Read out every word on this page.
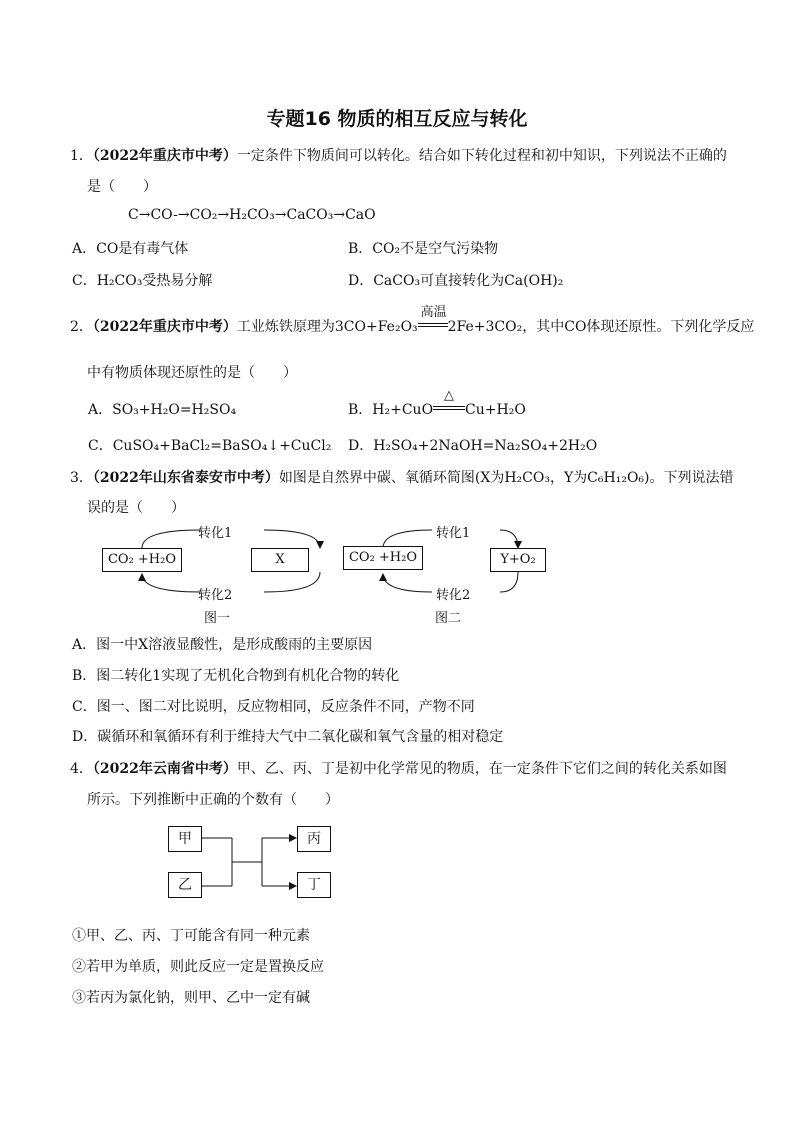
专题16 物质的相互反应与转化
1．（2022年重庆市中考）一定条件下物质间可以转化。结合如下转化过程和初中知识，下列说法不正确的
是（　　）
C→CO-→CO₂→H₂CO₃→CaCO₃→CaO
A．CO是有毒气体	B．CO₂不是空气污染物
C．H₂CO₃受热易分解	D．CaCO₃可直接转化为Ca(OH)₂
2．（2022年重庆市中考）工业炼铁原理为3CO+Fe₂O₃
高温
2Fe+3CO₂，其中CO体现还原性。下列化学反应
中有物质体现还原性的是（　　）
A．SO₃+H₂O=H₂SO₄	B．H₂+CuO
△
Cu+H₂O
C．CuSO₄+BaCl₂=BaSO₄↓+CuCl₂ D．H₂SO₄+2NaOH=Na₂SO₄+2H₂O
3．（2022年山东省泰安市中考）如图是自然界中碳、氧循环简图(X为H₂CO₃，Y为C₆H₁₂O₆)。下列说法错
误的是（　　）
CO₂ +H₂O	X
转化1
转化2
图一
CO₂ +H₂O	Y+O₂
转化1
转化2
图二
A．图一中X溶液显酸性，是形成酸雨的主要原因
B．图二转化1实现了无机化合物到有机化合物的转化
C．图一、图二对比说明，反应物相同，反应条件不同，产物不同
D．碳循环和氧循环有利于维持大气中二氧化碳和氧气含量的相对稳定
4．（2022年云南省中考）甲、乙、丙、丁是初中化学常见的物质，在一定条件下它们之间的转化关系如图
所示。下列推断中正确的个数有（　　）
甲
乙
丙
丁
①甲、乙、丙、丁可能含有同一种元素
②若甲为单质，则此反应一定是置换反应
③若丙为氯化钠，则甲、乙中一定有碱
